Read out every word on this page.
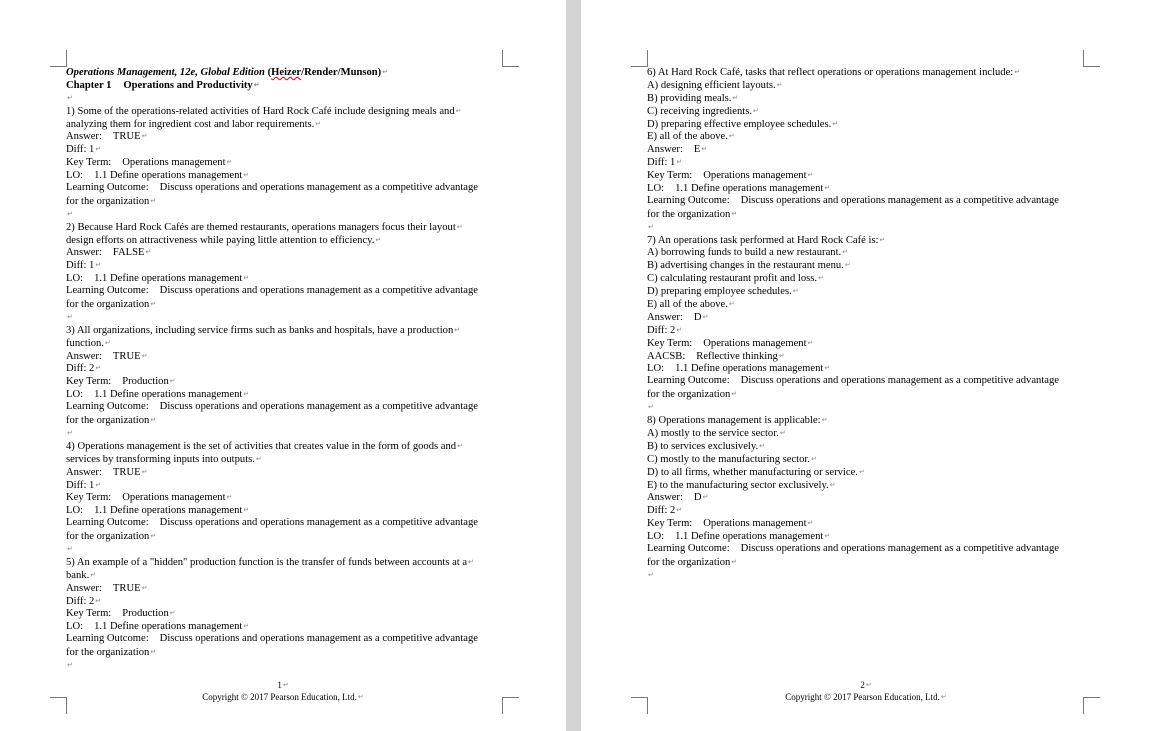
Operations Management, 12e, Global Edition (Heizer/Render/Munson)↵
Chapter 1 Operations and Productivity↵
↵
1) Some of the operations-related activities of Hard Rock Café include designing meals and↵
analyzing them for ingredient cost and labor requirements.↵
Answer: TRUE↵
Diff: 1↵
Key Term: Operations management↵
LO: 1.1 Define operations management↵
Learning Outcome: Discuss operations and operations management as a competitive advantage
for the organization↵
↵
2) Because Hard Rock Cafés are themed restaurants, operations managers focus their layout↵
design efforts on attractiveness while paying little attention to efficiency.↵
Answer: FALSE↵
Diff: 1↵
LO: 1.1 Define operations management↵
Learning Outcome: Discuss operations and operations management as a competitive advantage
for the organization↵
↵
3) All organizations, including service firms such as banks and hospitals, have a production↵
function.↵
Answer: TRUE↵
Diff: 2↵
Key Term: Production↵
LO: 1.1 Define operations management↵
Learning Outcome: Discuss operations and operations management as a competitive advantage
for the organization↵
↵
4) Operations management is the set of activities that creates value in the form of goods and↵
services by transforming inputs into outputs.↵
Answer: TRUE↵
Diff: 1↵
Key Term: Operations management↵
LO: 1.1 Define operations management↵
Learning Outcome: Discuss operations and operations management as a competitive advantage
for the organization↵
↵
5) An example of a "hidden" production function is the transfer of funds between accounts at a↵
bank.↵
Answer: TRUE↵
Diff: 2↵
Key Term: Production↵
LO: 1.1 Define operations management↵
Learning Outcome: Discuss operations and operations management as a competitive advantage
for the organization↵
↵
1↵
Copyright © 2017 Pearson Education, Ltd.↵
6) At Hard Rock Café, tasks that reflect operations or operations management include:↵
A) designing efficient layouts.↵
B) providing meals.↵
C) receiving ingredients.↵
D) preparing effective employee schedules.↵
E) all of the above.↵
Answer: E↵
Diff: 1↵
Key Term: Operations management↵
LO: 1.1 Define operations management↵
Learning Outcome: Discuss operations and operations management as a competitive advantage
for the organization↵
↵
7) An operations task performed at Hard Rock Café is:↵
A) borrowing funds to build a new restaurant.↵
B) advertising changes in the restaurant menu.↵
C) calculating restaurant profit and loss.↵
D) preparing employee schedules.↵
E) all of the above.↵
Answer: D↵
Diff: 2↵
Key Term: Operations management↵
AACSB: Reflective thinking↵
LO: 1.1 Define operations management↵
Learning Outcome: Discuss operations and operations management as a competitive advantage
for the organization↵
↵
8) Operations management is applicable:↵
A) mostly to the service sector.↵
B) to services exclusively.↵
C) mostly to the manufacturing sector.↵
D) to all firms, whether manufacturing or service.↵
E) to the manufacturing sector exclusively.↵
Answer: D↵
Diff: 2↵
Key Term: Operations management↵
LO: 1.1 Define operations management↵
Learning Outcome: Discuss operations and operations management as a competitive advantage
for the organization↵
↵
2↵
Copyright © 2017 Pearson Education, Ltd.↵
